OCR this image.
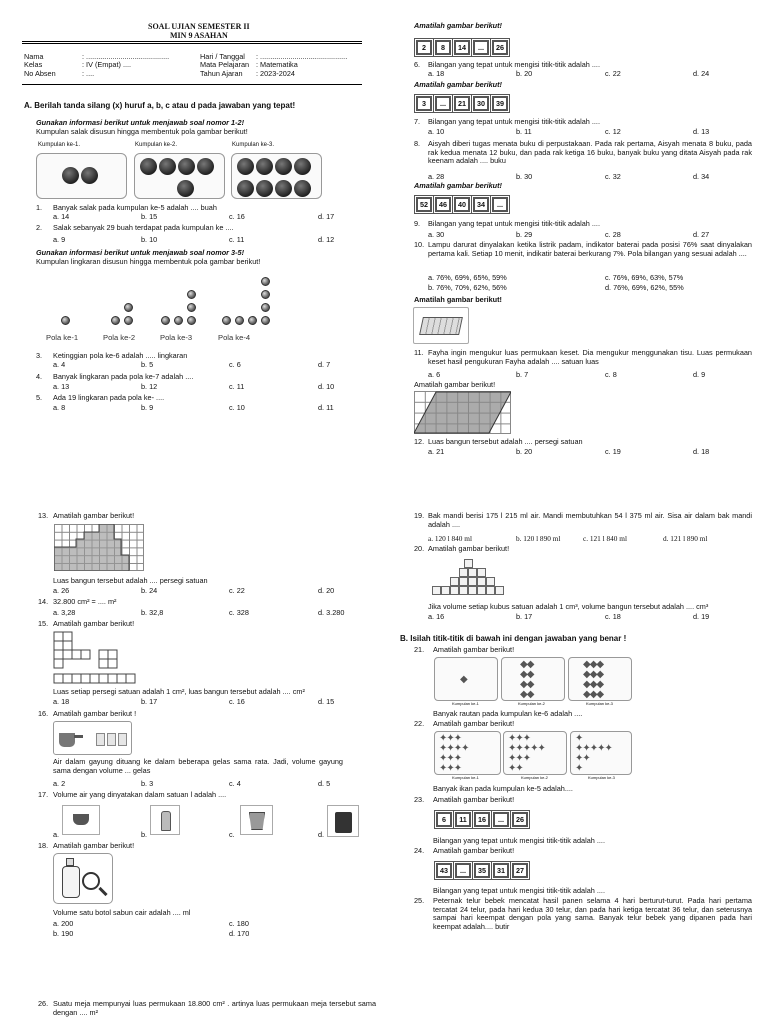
SOAL UJIAN SEMESTER II
MIN 9 ASAHAN
Nama	: .........................................
Kelas	: IV (Empat) ....
No Absen	: ....
Hari / Tanggal : ...........................................
Mata Pelajaran : Matematika
Tahun Ajaran : 2023-2024
A. Berilah tanda silang (x) huruf a, b, c atau d pada jawaban yang tepat!
Gunakan informasi berikut untuk menjawab soal nomor 1-2!
Kumpulan salak disusun hingga membentuk pola gambar berikut!
Kumpulan ke-1.	Kumpulan ke-2.	Kumpulan ke-3.

1. Banyak salak pada kumpulan ke-5 adalah .... buah
a. 14	b. 15	c. 16	d. 17
2. Salak sebanyak 29 buah terdapat pada kumpulan ke ....
a. 9	b. 10	c. 11	d. 12
Gunakan informasi berikut untuk menjawab soal nomor 3-5!
Kumpulan lingkaran disusun hingga membentuk pola gambar berikut!
Pola ke-1	Pola ke-2	Pola ke-3	Pola ke-4
3. Ketinggian pola ke-6 adalah ..... lingkaran
a. 4	b. 5	c. 6	d. 7
4. Banyak lingkaran pada pola ke-7 adalah ....
a. 13	b. 12	c. 11	d. 10
5. Ada 19 lingkaran pada pola ke- ....
a. 8	b. 9	c. 10	d. 11
Amatilah gambar berikut!
2	8	14	...	26
6. Bilangan yang tepat untuk mengisi titik-titik adalah ....
a. 18	b. 20	c. 22	d. 24
Amatilah gambar berikut!
3	...	21	30	39
7. Bilangan yang tepat untuk mengisi titik-titik adalah ....
a. 10	b. 11	c. 12	d. 13
8. Aisyah diberi tugas menata buku di perpustakaan. Pada rak pertama, Aisyah menata 8 buku, pada rak kedua menata 12 buku, dan pada rak ketiga 16 buku, banyak buku yang ditata Aisyah pada rak keenam adalah .... buku
a. 28	b. 30	c. 32	d. 34
Amatilah gambar berikut!
52	46	40	34	...
9. Bilangan yang tepat untuk mengisi titik-titik adalah ....
a. 30	b. 29	c. 28	d. 27
10. Lampu darurat dinyalakan ketika listrik padam, indikator baterai pada posisi 76% saat dinyalakan pertama kali. Setiap 10 menit, indikatir baterai berkurang 7%. Pola bilangan yang sesuai adalah ....
a. 76%, 69%, 65%, 59%	c. 76%, 69%, 63%, 57%
b. 76%, 70%, 62%, 56%	d. 76%, 69%, 62%, 55%
Amatilah gambar berikut!
11. Fayha ingin mengukur luas permukaan keset. Dia mengukur menggunakan tisu. Luas permukaan keset hasil pengukuran Fayha adalah .... satuan luas
a. 6	b. 7	c. 8	d. 9
Amatilah gambar berikut!
12. Luas bangun tersebut adalah .... persegi satuan
a. 21	b. 20	c. 19	d. 18
13. Amatilah gambar berikut!
Luas bangun tersebut adalah .... persegi satuan
a. 26	b. 24	c. 22	d. 20
14. 32.800 cm² = .... m²
a. 3,28	b. 32,8	c. 328	d. 3.280
15. Amatilah gambar berikut!
Luas setiap persegi satuan adalah 1 cm², luas bangun tersebut adalah .... cm²
a. 18	b. 17	c. 16	d. 15
16. Amatilah gambar berikut !
Air dalam gayung dituang ke dalam beberapa gelas sama rata. Jadi, volume gayung sama dengan volume ... gelas
a. 2	b. 3	c. 4	d. 5
17. Volume air yang dinyatakan dalam satuan l adalah ....
a.	b.	c.	d.
18. Amatilah gambar berikut!
Volume satu botol sabun cair adalah .... ml
a. 200	c. 180
b. 190	d. 170
26. Suatu meja mempunyai luas permukaan 18.800 cm² . artinya luas permukaan meja tersebut sama dengan .... m²
19. Bak mandi berisi 175 l 215 ml air. Mandi membutuhkan 54 l 375 ml air. Sisa air dalam bak mandi adalah ....
a. 120 l 840 ml	b. 120 l 890 ml	c. 121 l 840 ml	d. 121 l 890 ml
20. Amatilah gambar berikut!
Jika volume setiap kubus satuan adalah 1 cm³, volume bangun tersebut adalah .... cm³
a. 16	b. 17	c. 18	d. 19
B. Isilah titik-titik di bawah ini dengan jawaban yang benar !
21. Amatilah gambar berikut!
◆
◆◆
◆◆
◆◆
◆◆
◆◆◆
◆◆◆
◆◆◆
◆◆◆
Kumpulan ke-1	Kumpulan ke-2	Kumpulan ke-3
Banyak rautan pada kumpulan ke-6 adalah ....
22. Amatilah gambar berikut!
✦✦✦
✦✦✦✦
✦✦✦
✦✦✦
✦✦✦
✦✦✦✦✦
✦✦✦
✦✦
✦
✦✦✦✦✦
✦✦
✦
Kumpulan ke-1	Kumpulan ke-2	Kumpulan ke-3
Banyak ikan pada kumpulan ke-5 adalah....
23. Amatilah gambar berikut!
6	11	16	...	26
Bilangan yang tepat untuk mengisi titik-titik adalah ....
24. Amatilah gambar berikut!
43	...	35	31	27
Bilangan yang tepat untuk mengisi titik-titik adalah ....
25. Peternak telur bebek mencatat hasil panen selama 4 hari berturut-turut. Pada hari pertama tercatat 24 telur, pada hari kedua 30 telur, dan pada hari ketiga tercatat 36 telur, dan seterusnya sampai hari keempat dengan pola yang sama. Banyak telur bebek yang dipanen pada hari keempat adalah.... butir
